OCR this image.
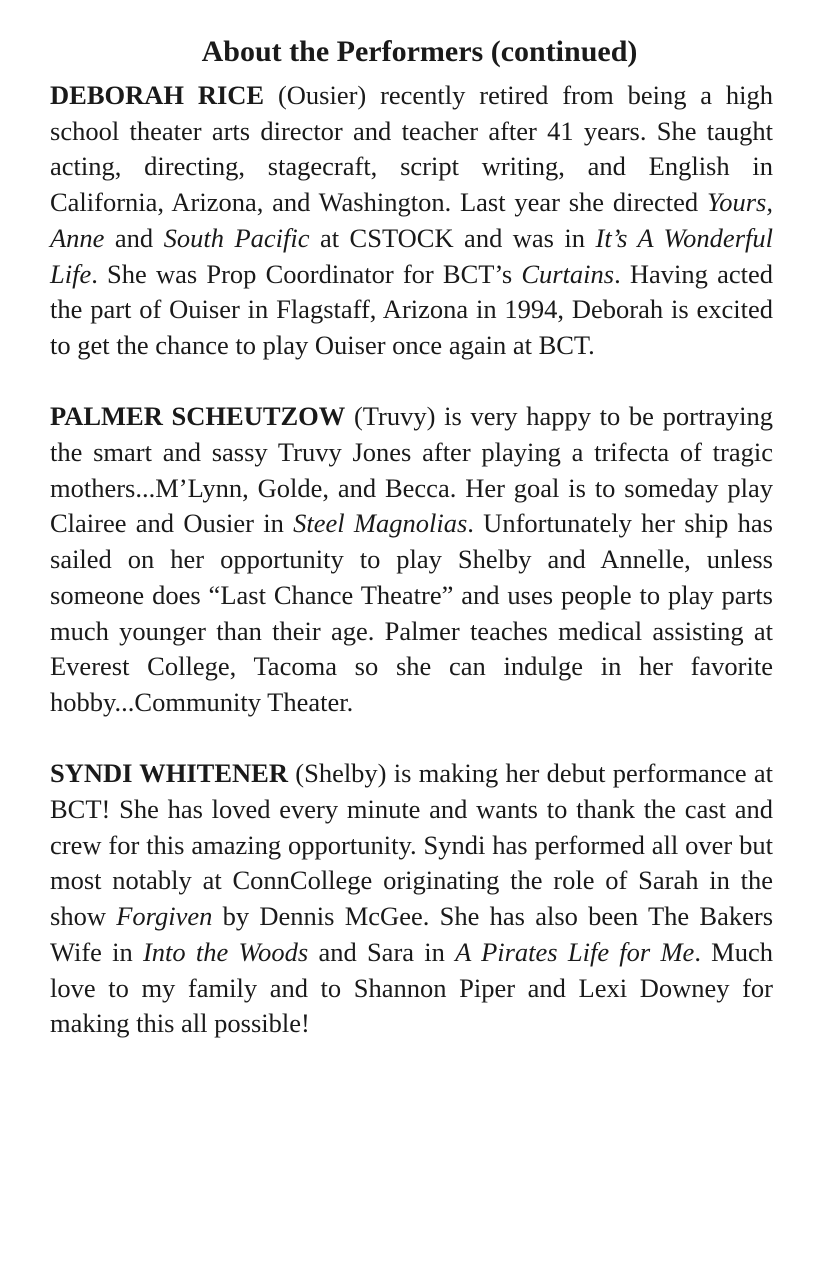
About the Performers (continued)

DEBORAH RICE (Ousier) recently retired from being a high school theater arts director and teacher after 41 years. She taught acting, directing, stagecraft, script writing, and English in California, Arizona, and Washington. Last year she directed Yours, Anne and South Pacific at CSTOCK and was in It’s A Wonderful Life. She was Prop Coordinator for BCT’s Curtains. Having acted the part of Ouiser in Flagstaff, Arizona in 1994, Deborah is excited to get the chance to play Ouiser once again at BCT.

PALMER SCHEUTZOW (Truvy) is very happy to be portraying the smart and sassy Truvy Jones after playing a trifecta of tragic mothers...M’Lynn, Golde, and Becca. Her goal is to someday play Clairee and Ousier in Steel Magnolias. Unfortunately her ship has sailed on her opportunity to play Shelby and Annelle, unless someone does “Last Chance Theatre” and uses people to play parts much younger than their age. Palmer teaches medical assisting at Everest College, Tacoma so she can indulge in her favorite hobby...Community Theater.

SYNDI WHITENER (Shelby) is making her debut performance at BCT! She has loved every minute and wants to thank the cast and crew for this amazing opportunity. Syndi has performed all over but most notably at ConnCollege originating the role of Sarah in the show Forgiven by Dennis McGee. She has also been The Bakers Wife in Into the Woods and Sara in A Pirates Life for Me. Much love to my family and to Shannon Piper and Lexi Downey for making this all possible!
